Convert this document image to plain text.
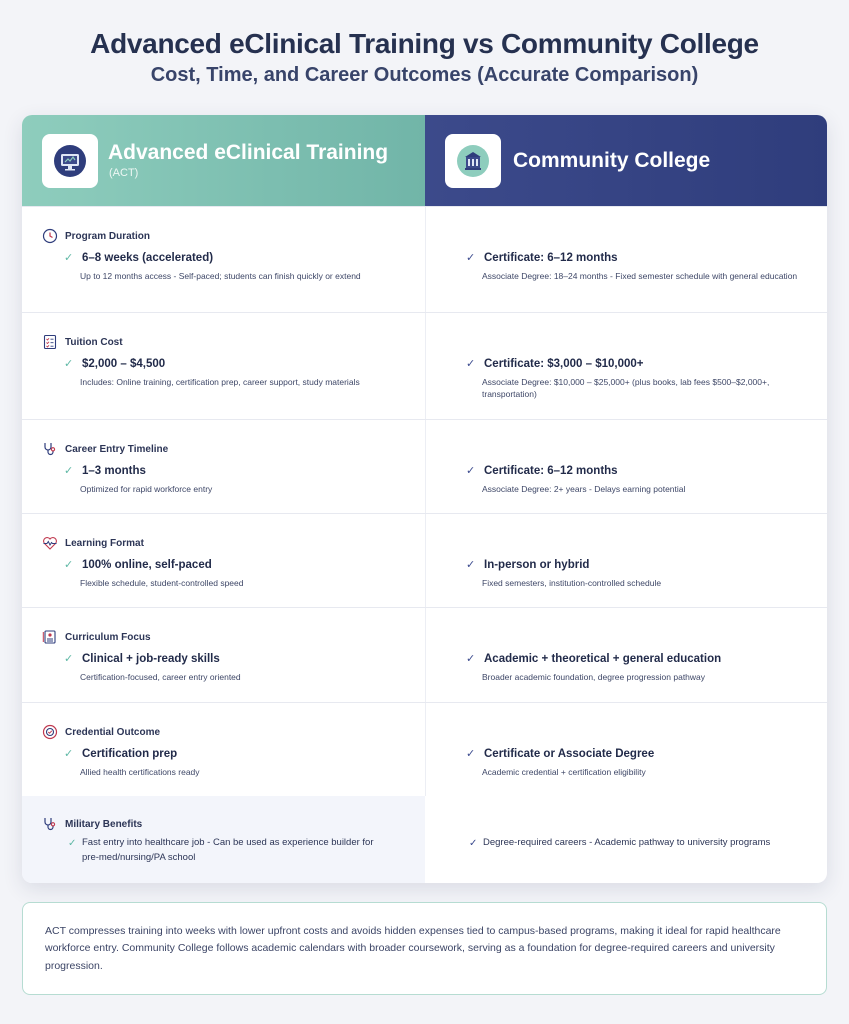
Advanced eClinical Training vs Community College
Cost, Time, and Career Outcomes (Accurate Comparison)
Advanced eClinical Training
(ACT)
Community College
Program Duration
✓ 6–8 weeks (accelerated)
Up to 12 months access - Self-paced; students can finish quickly or extend
✓ Certificate: 6–12 months
Associate Degree: 18–24 months - Fixed semester schedule with general education
Tuition Cost
✓ $2,000 – $4,500
Includes: Online training, certification prep, career support, study materials
✓ Certificate: $3,000 – $10,000+
Associate Degree: $10,000 – $25,000+ (plus books, lab fees $500–$2,000+, transportation)
Career Entry Timeline
✓ 1–3 months
Optimized for rapid workforce entry
✓ Certificate: 6–12 months
Associate Degree: 2+ years - Delays earning potential
Learning Format
✓ 100% online, self-paced
Flexible schedule, student-controlled speed
✓ In-person or hybrid
Fixed semesters, institution-controlled schedule
Curriculum Focus
✓ Clinical + job-ready skills
Certification-focused, career entry oriented
✓ Academic + theoretical + general education
Broader academic foundation, degree progression pathway
Credential Outcome
✓ Certification prep
Allied health certifications ready
✓ Certificate or Associate Degree
Academic credential + certification eligibility
Military Benefits
✓ Fast entry into healthcare job - Can be used as experience builder for
pre-med/nursing/PA school
✓ Degree-required careers - Academic pathway to university programs

ACT compresses training into weeks with lower upfront costs and avoids hidden expenses tied to campus-based programs, making it ideal for rapid healthcare workforce entry. Community College follows academic calendars with broader coursework, serving as a foundation for degree-required careers and university progression.
